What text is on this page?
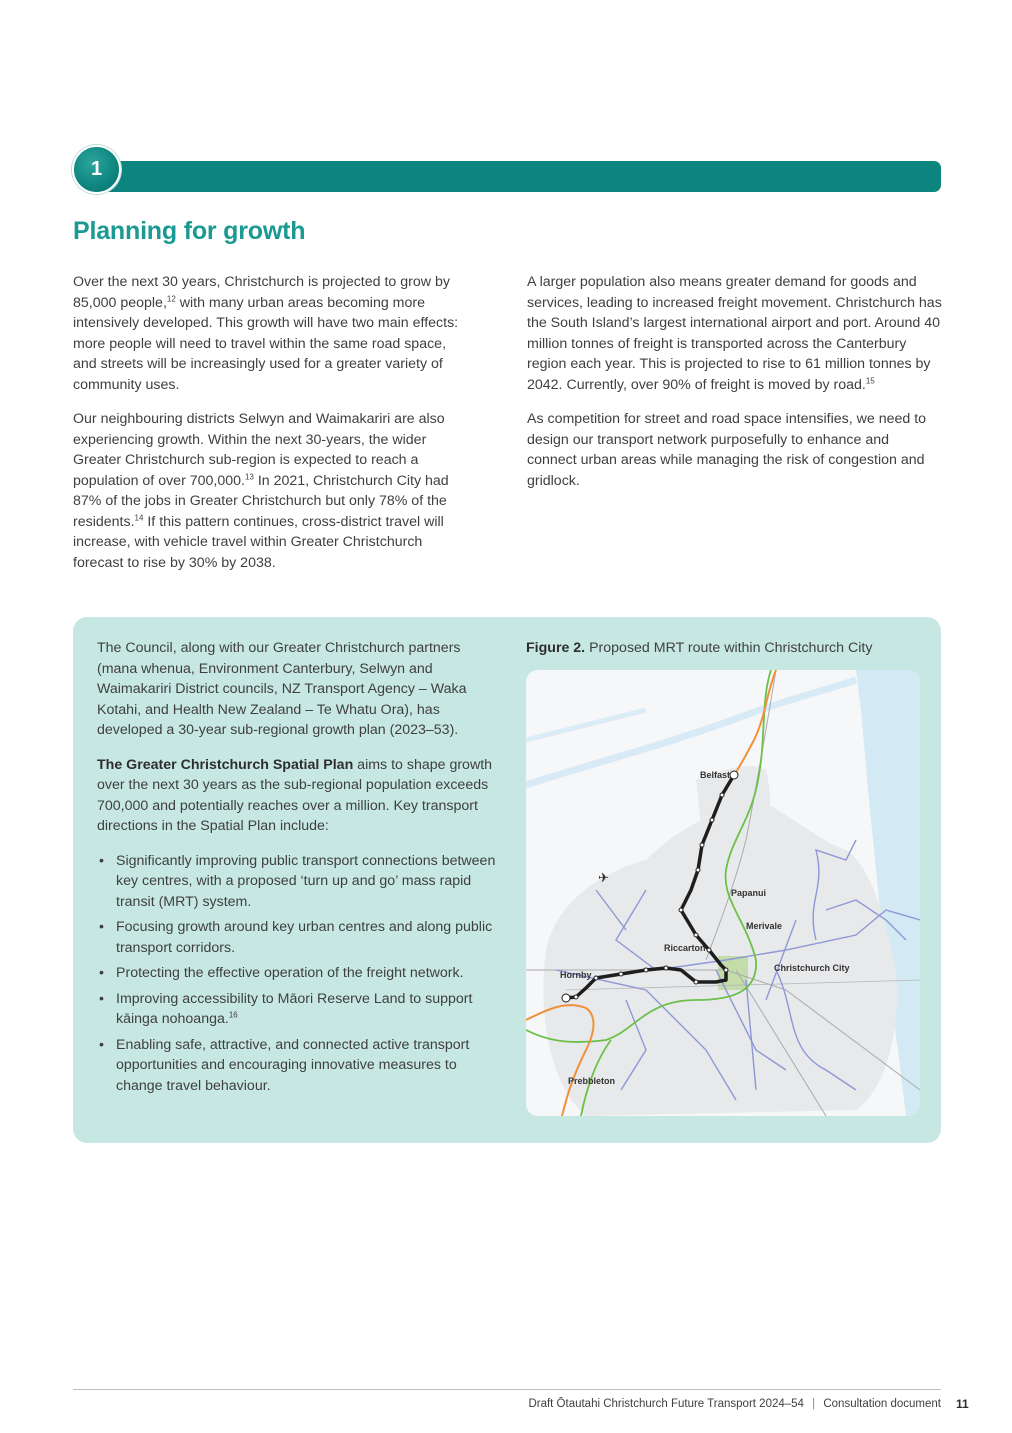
1
Planning for growth

Over the next 30 years, Christchurch is projected to grow by 85,000 people,$^{12}$ with many urban areas becoming more intensively developed. This growth will have two main effects: more people will need to travel within the same road space, and streets will be increasingly used for a greater variety of community uses.

Our neighbouring districts Selwyn and Waimakariri are also experiencing growth. Within the next 30-years, the wider Greater Christchurch sub-region is expected to reach a population of over 700,000.13 In 2021, Christchurch City had 87% of the jobs in Greater Christchurch but only 78% of the residents.$^{14}$ If this pattern continues, cross-district travel will increase, with vehicle travel within Greater Christchurch forecast to rise by 30% by 2038.

A larger population also means greater demand for goods and services, leading to increased freight movement. Christchurch has the South Island’s largest international airport and port. Around 40 million tonnes of freight is transported across the Canterbury region each year. This is projected to rise to 61 million tonnes by 2042. Currently, over 90% of freight is moved by road.$^{15}$

As competition for street and road space intensifies, we need to design our transport network purposefully to enhance and connect urban areas while managing the risk of congestion and gridlock.

The Council, along with our Greater Christchurch partners (mana whenua, Environment Canterbury, Selwyn and Waimakariri District councils, NZ Transport Agency – Waka Kotahi, and Health New Zealand – Te Whatu Ora), has developed a 30-year sub-regional growth plan (2023–53).

The Greater Christchurch Spatial Plan aims to shape growth over the next 30 years as the sub-regional population exceeds 700,000 and potentially reaches over a million. Key transport directions in the Spatial Plan include:

• Significantly improving public transport connections between key centres, with a proposed ‘turn up and go’ mass rapid transit (MRT) system.
• Focusing growth around key urban centres and along public transport corridors.
• Protecting the effective operation of the freight network.
• Improving accessibility to Māori Reserve Land to support kāinga nohoanga.$^{16}$
• Enabling safe, attractive, and connected active transport opportunities and encouraging innovative measures to change travel behaviour.
Figure 2. Proposed MRT route within Christchurch City
Belfast
Papanui
Merivale
Riccarton
Christchurch City
Hornby
Prebbleton
✈
Draft Ōtautahi Christchurch Future Transport 2024–54 | Consultation document 11
